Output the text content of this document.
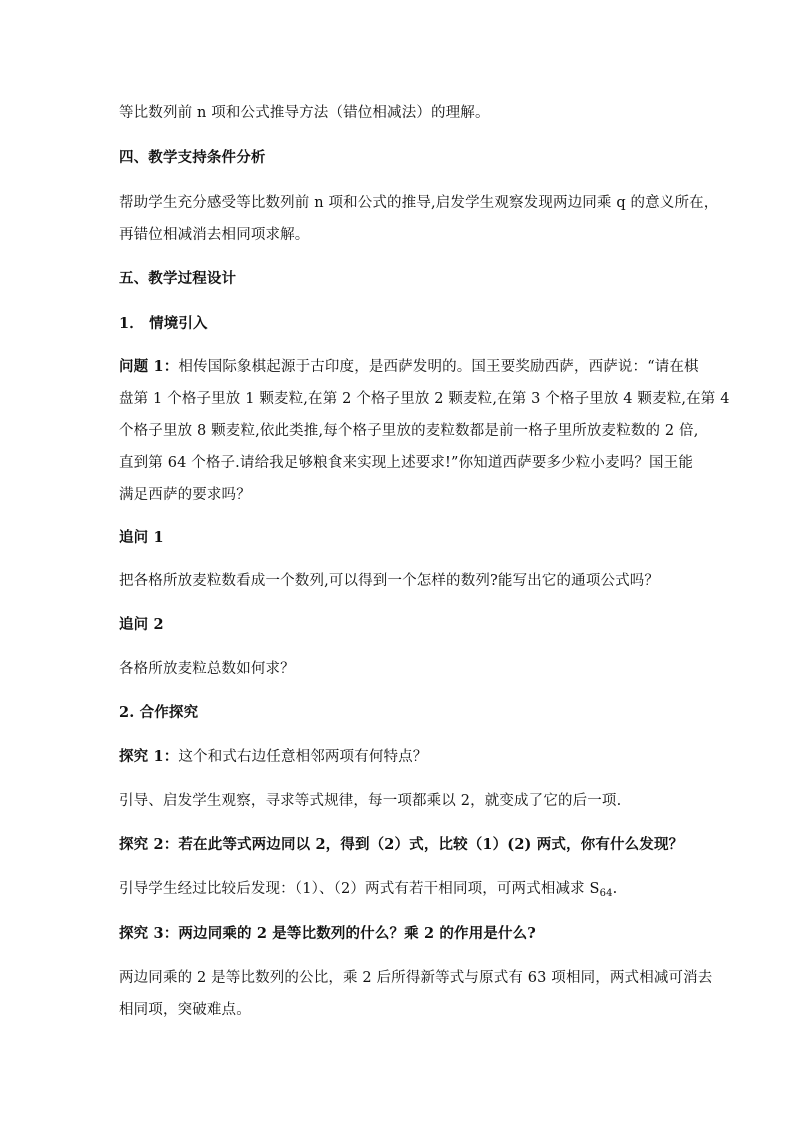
等比数列前 n 项和公式推导方法（错位相减法）的理解。
四、教学支持条件分析
帮助学生充分感受等比数列前 n 项和公式的推导,启发学生观察发现两边同乘 q 的意义所在，
再错位相减消去相同项求解。
五、教学过程设计
1． 情境引入
问题 1：相传国际象棋起源于古印度，是西萨发明的。国王要奖励西萨，西萨说：“请在棋
盘第 1 个格子里放 1 颗麦粒,在第 2 个格子里放 2 颗麦粒,在第 3 个格子里放 4 颗麦粒,在第 4
个格子里放 8 颗麦粒,依此类推,每个格子里放的麦粒数都是前一格子里所放麦粒数的 2 倍,
直到第 64 个格子.请给我足够粮食来实现上述要求!”你知道西萨要多少粒小麦吗？国王能
满足西萨的要求吗？
追问 1
把各格所放麦粒数看成一个数列,可以得到一个怎样的数列?能写出它的通项公式吗？
追问 2
各格所放麦粒总数如何求？
2. 合作探究
探究 1：这个和式右边任意相邻两项有何特点？
引导、启发学生观察，寻求等式规律，每一项都乘以 2，就变成了它的后一项.
探究 2：若在此等式两边同以 2，得到（2）式，比较（1）(2) 两式，你有什么发现？
引导学生经过比较后发现：（1）、（2）两式有若干相同项，可两式相减求 $S_{64}$.
探究 3：两边同乘的 2 是等比数列的什么？乘 2 的作用是什么?
两边同乘的 2 是等比数列的公比，乘 2 后所得新等式与原式有 63 项相同，两式相减可消去
相同项，突破难点。
